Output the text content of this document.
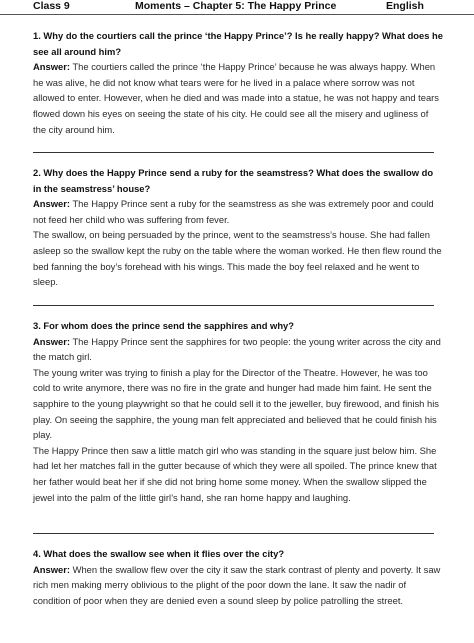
Class 9	Moments – Chapter 5: The Happy Prince	English

1. Why do the courtiers call the prince ‘the Happy Prince’? Is he really happy? What does he see all around him?

Answer: The courtiers called the prince ‘the Happy Prince’ because he was always happy. When he was alive, he did not know what tears were for he lived in a palace where sorrow was not allowed to enter. However, when he died and was made into a statue, he was not happy and tears flowed down his eyes on seeing the state of his city. He could see all the misery and ugliness of the city around him.

2. Why does the Happy Prince send a ruby for the seamstress? What does the swallow do in the seamstress’ house?

Answer: The Happy Prince sent a ruby for the seamstress as she was extremely poor and could not feed her child who was suffering from fever.

The swallow, on being persuaded by the prince, went to the seamstress’s house. She had fallen asleep so the swallow kept the ruby on the table where the woman worked. He then flew round the bed fanning the boy’s forehead with his wings. This made the boy feel relaxed and he went to sleep.

3. For whom does the prince send the sapphires and why?

Answer: The Happy Prince sent the sapphires for two people: the young writer across the city and the match girl.

The young writer was trying to finish a play for the Director of the Theatre. However, he was too cold to write anymore, there was no fire in the grate and hunger had made him faint. He sent the sapphire to the young playwright so that he could sell it to the jeweller, buy firewood, and finish his play. On seeing the sapphire, the young man felt appreciated and believed that he could finish his play.

The Happy Prince then saw a little match girl who was standing in the square just below him. She had let her matches fall in the gutter because of which they were all spoiled. The prince knew that her father would beat her if she did not bring home some money. When the swallow slipped the jewel into the palm of the little girl’s hand, she ran home happy and laughing.

4. What does the swallow see when it flies over the city?

Answer: When the swallow flew over the city it saw the stark contrast of plenty and poverty. It saw rich men making merry oblivious to the plight of the poor down the lane. It saw the nadir of condition of poor when they are denied even a sound sleep by police patrolling the street.
